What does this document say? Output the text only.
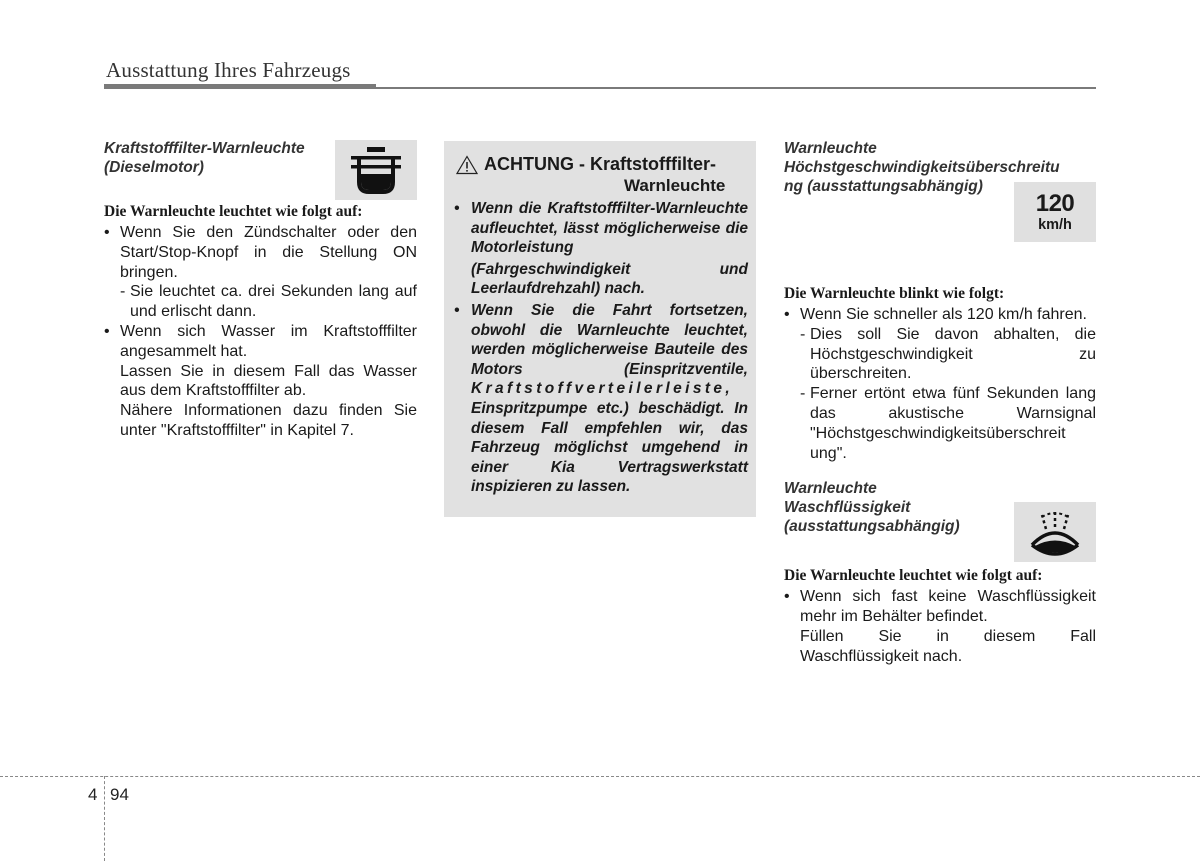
Ausstattung Ihres Fahrzeugs
Kraftstofffilter-Warnleuchte
(Dieselmotor)
Die Warnleuchte leuchtet wie folgt auf:
• Wenn Sie den Zündschalter oder den Start/Stop-Knopf in die Stellung ON bringen.
- Sie leuchtet ca. drei Sekunden lang auf und erlischt dann.
• Wenn sich Wasser im Kraftstofffilter angesammelt hat.
Lassen Sie in diesem Fall das Wasser aus dem Kraftstofffilter ab.
Nähere Informationen dazu finden Sie unter "Kraftstofffilter" in Kapitel 7.
ACHTUNG - Kraftstofffilter-
Warnleuchte
• Wenn die Kraftstofffilter-Warnleuchte aufleuchtet, lässt möglicherweise die Motorleistung
(Fahrgeschwindigkeit und Leerlaufdrehzahl) nach.
• Wenn Sie die Fahrt fortsetzen, obwohl die Warnleuchte leuchtet, werden möglicherweise Bauteile des Motors (Einspritzventile, Kraftstoffverteilerleiste, Einspritzpumpe etc.) beschädigt. In diesem Fall empfehlen wir, das Fahrzeug möglichst umgehend in einer Kia Vertragswerkstatt inspizieren zu lassen.
Warnleuchte
Höchstgeschwindigkeitsüberschreitu
ng (ausstattungsabhängig)
Die Warnleuchte blinkt wie folgt:
• Wenn Sie schneller als 120 km/h fahren.
- Dies soll Sie davon abhalten, die Höchstgeschwindigkeit zu überschreiten.
- Ferner ertönt etwa fünf Sekunden lang das akustische Warnsignal "Höchstgeschwindigkeitsüberschreit ung".
Warnleuchte
Waschflüssigkeit
(ausstattungsabhängig)
Die Warnleuchte leuchtet wie folgt auf:
• Wenn sich fast keine Waschflüssigkeit mehr im Behälter befindet.
Füllen Sie in diesem Fall Waschflüssigkeit nach.
120
km/h
4 94
